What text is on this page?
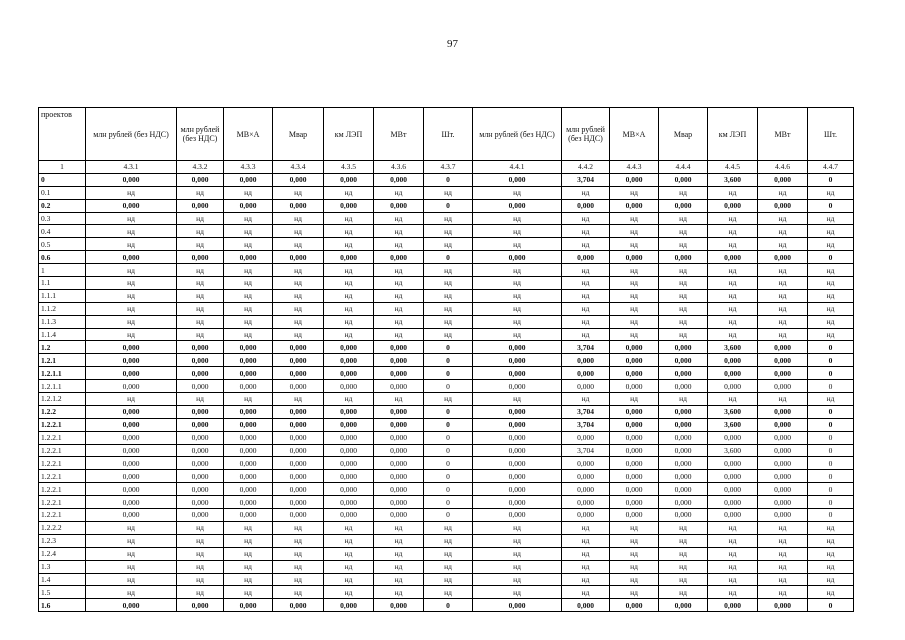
97
проектов	млн рублей (без НДС)	млн рублей (без НДС)	МВ×А	Мвар	км ЛЭП	МВт	Шт.	млн рублей (без НДС)	млн рублей (без НДС)	МВ×А	Мвар	км ЛЭП	МВт	Шт.
1	4.3.1	4.3.2	4.3.3	4.3.4	4.3.5	4.3.6	4.3.7	4.4.1	4.4.2	4.4.3	4.4.4	4.4.5	4.4.6	4.4.7
0	0,000	0,000	0,000	0,000	0,000	0,000	0	0,000	3,704	0,000	0,000	3,600	0,000	0
0.1	нд	нд	нд	нд	нд	нд	нд	нд	нд	нд	нд	нд	нд	нд
0.2	0,000	0,000	0,000	0,000	0,000	0,000	0	0,000	0,000	0,000	0,000	0,000	0,000	0
0.3	нд	нд	нд	нд	нд	нд	нд	нд	нд	нд	нд	нд	нд	нд
0.4	нд	нд	нд	нд	нд	нд	нд	нд	нд	нд	нд	нд	нд	нд
0.5	нд	нд	нд	нд	нд	нд	нд	нд	нд	нд	нд	нд	нд	нд
0.6	0,000	0,000	0,000	0,000	0,000	0,000	0	0,000	0,000	0,000	0,000	0,000	0,000	0
1	нд	нд	нд	нд	нд	нд	нд	нд	нд	нд	нд	нд	нд	нд
1.1	нд	нд	нд	нд	нд	нд	нд	нд	нд	нд	нд	нд	нд	нд
1.1.1	нд	нд	нд	нд	нд	нд	нд	нд	нд	нд	нд	нд	нд	нд
1.1.2	нд	нд	нд	нд	нд	нд	нд	нд	нд	нд	нд	нд	нд	нд
1.1.3	нд	нд	нд	нд	нд	нд	нд	нд	нд	нд	нд	нд	нд	нд
1.1.4	нд	нд	нд	нд	нд	нд	нд	нд	нд	нд	нд	нд	нд	нд
1.2	0,000	0,000	0,000	0,000	0,000	0,000	0	0,000	3,704	0,000	0,000	3,600	0,000	0
1.2.1	0,000	0,000	0,000	0,000	0,000	0,000	0	0,000	0,000	0,000	0,000	0,000	0,000	0
1.2.1.1	0,000	0,000	0,000	0,000	0,000	0,000	0	0,000	0,000	0,000	0,000	0,000	0,000	0
1.2.1.1	0,000	0,000	0,000	0,000	0,000	0,000	0	0,000	0,000	0,000	0,000	0,000	0,000	0
1.2.1.2	нд	нд	нд	нд	нд	нд	нд	нд	нд	нд	нд	нд	нд	нд
1.2.2	0,000	0,000	0,000	0,000	0,000	0,000	0	0,000	3,704	0,000	0,000	3,600	0,000	0
1.2.2.1	0,000	0,000	0,000	0,000	0,000	0,000	0	0,000	3,704	0,000	0,000	3,600	0,000	0
1.2.2.1	0,000	0,000	0,000	0,000	0,000	0,000	0	0,000	0,000	0,000	0,000	0,000	0,000	0
1.2.2.1	0,000	0,000	0,000	0,000	0,000	0,000	0	0,000	3,704	0,000	0,000	3,600	0,000	0
1.2.2.1	0,000	0,000	0,000	0,000	0,000	0,000	0	0,000	0,000	0,000	0,000	0,000	0,000	0
1.2.2.1	0,000	0,000	0,000	0,000	0,000	0,000	0	0,000	0,000	0,000	0,000	0,000	0,000	0
1.2.2.1	0,000	0,000	0,000	0,000	0,000	0,000	0	0,000	0,000	0,000	0,000	0,000	0,000	0
1.2.2.1	0,000	0,000	0,000	0,000	0,000	0,000	0	0,000	0,000	0,000	0,000	0,000	0,000	0
1.2.2.1	0,000	0,000	0,000	0,000	0,000	0,000	0	0,000	0,000	0,000	0,000	0,000	0,000	0
1.2.2.2	нд	нд	нд	нд	нд	нд	нд	нд	нд	нд	нд	нд	нд	нд
1.2.3	нд	нд	нд	нд	нд	нд	нд	нд	нд	нд	нд	нд	нд	нд
1.2.4	нд	нд	нд	нд	нд	нд	нд	нд	нд	нд	нд	нд	нд	нд
1.3	нд	нд	нд	нд	нд	нд	нд	нд	нд	нд	нд	нд	нд	нд
1.4	нд	нд	нд	нд	нд	нд	нд	нд	нд	нд	нд	нд	нд	нд
1.5	нд	нд	нд	нд	нд	нд	нд	нд	нд	нд	нд	нд	нд	нд
1.6	0,000	0,000	0,000	0,000	0,000	0,000	0	0,000	0,000	0,000	0,000	0,000	0,000	0
